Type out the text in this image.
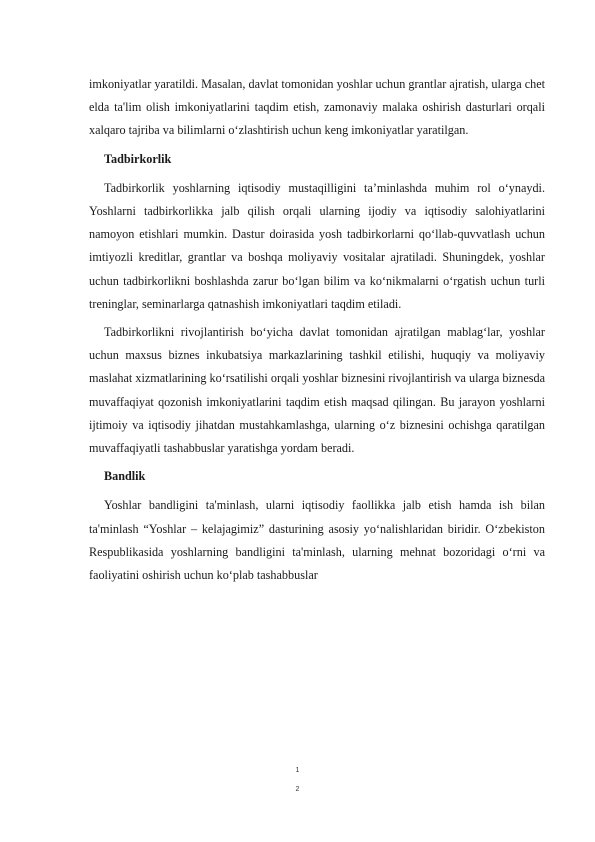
imkoniyatlar yaratildi. Masalan, davlat tomonidan yoshlar uchun grantlar ajratish, ularga chet elda ta'lim olish imkoniyatlarini taqdim etish, zamonaviy malaka oshirish dasturlari orqali xalqaro tajriba va bilimlarni o‘zlashtirish uchun keng imkoniyatlar yaratilgan.

Tadbirkorlik

Tadbirkorlik yoshlarning iqtisodiy mustaqilligini ta’minlashda muhim rol o‘ynaydi. Yoshlarni tadbirkorlikka jalb qilish orqali ularning ijodiy va iqtisodiy salohiyatlarini namoyon etishlari mumkin. Dastur doirasida yosh tadbirkorlarni qo‘llab-quvvatlash uchun imtiyozli kreditlar, grantlar va boshqa moliyaviy vositalar ajratiladi. Shuningdek, yoshlar uchun tadbirkorlikni boshlashda zarur bo‘lgan bilim va ko‘nikmalarni o‘rgatish uchun turli treninglar, seminarlarga qatnashish imkoniyatlari taqdim etiladi.

Tadbirkorlikni rivojlantirish bo‘yicha davlat tomonidan ajratilgan mablag‘lar, yoshlar uchun maxsus biznes inkubatsiya markazlarining tashkil etilishi, huquqiy va moliyaviy maslahat xizmatlarining ko‘rsatilishi orqali yoshlar biznesini rivojlantirish va ularga biznesda muvaffaqiyat qozonish imkoniyatlarini taqdim etish maqsad qilingan. Bu jarayon yoshlarni ijtimoiy va iqtisodiy jihatdan mustahkamlashga, ularning o‘z biznesini ochishga qaratilgan muvaffaqiyatli tashabbuslar yaratishga yordam beradi.

Bandlik

Yoshlar bandligini ta'minlash, ularni iqtisodiy faollikka jalb etish hamda ish bilan ta'minlash “Yoshlar – kelajagimiz” dasturining asosiy yo‘nalishlaridan biridir. O‘zbekiston Respublikasida yoshlarning bandligini ta'minlash, ularning mehnat bozoridagi o‘rni va faoliyatini oshirish uchun ko‘plab tashabbuslar

1
2
